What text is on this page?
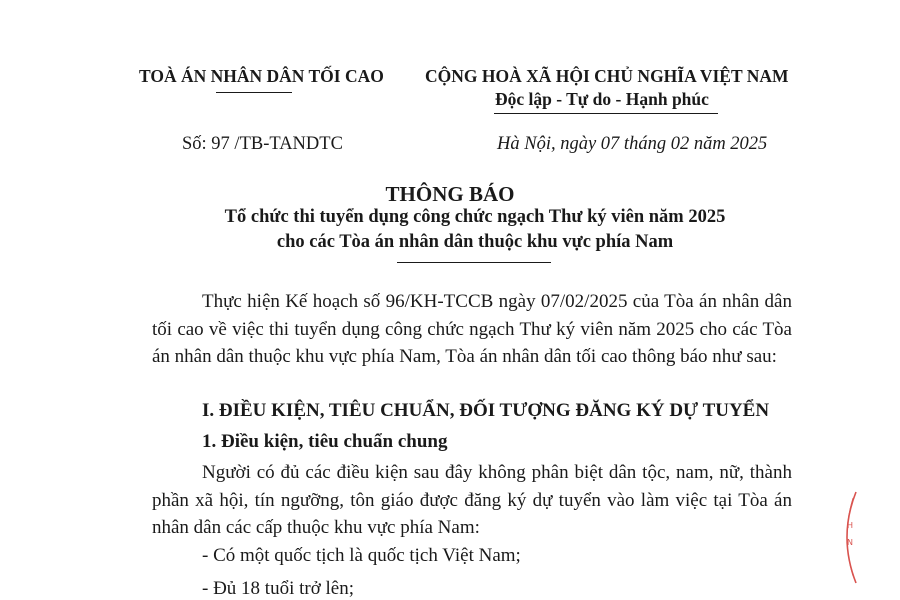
TOÀ ÁN NHÂN DÂN TỐI CAO CỘNG HOÀ XÃ HỘI CHỦ NGHĨA VIỆT NAM
Độc lập - Tự do - Hạnh phúc
Số: 97 /TB-TANDTC	Hà Nội, ngày 07 tháng 02 năm 2025
THÔNG BÁO
Tổ chức thi tuyển dụng công chức ngạch Thư ký viên năm 2025
cho các Tòa án nhân dân thuộc khu vực phía Nam
Thực hiện Kế hoạch số 96/KH-TCCB ngày 07/02/2025 của Tòa án nhân dân tối cao về việc thi tuyển dụng công chức ngạch Thư ký viên năm 2025 cho các Tòa án nhân dân thuộc khu vực phía Nam, Tòa án nhân dân tối cao thông báo như sau:
I. ĐIỀU KIỆN, TIÊU CHUẨN, ĐỐI TƯỢNG ĐĂNG KÝ DỰ TUYỂN
1. Điều kiện, tiêu chuẩn chung
Người có đủ các điều kiện sau đây không phân biệt dân tộc, nam, nữ, thành phần xã hội, tín ngưỡng, tôn giáo được đăng ký dự tuyển vào làm việc tại Tòa án nhân dân các cấp thuộc khu vực phía Nam:
- Có một quốc tịch là quốc tịch Việt Nam;
- Đủ 18 tuổi trở lên;
H
N
